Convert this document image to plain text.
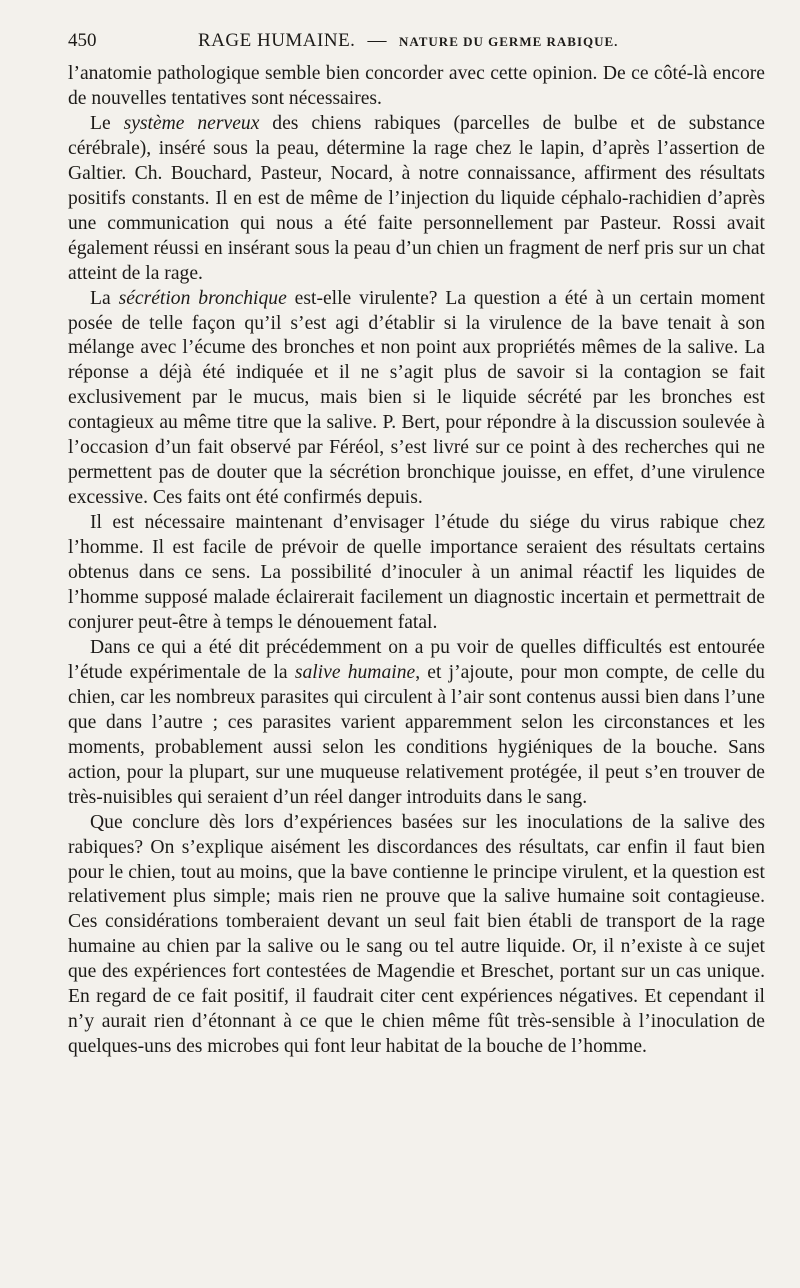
450	RAGE HUMAINE. — NATURE DU GERME RABIQUE.

l’anatomie pathologique semble bien concorder avec cette opinion. De ce côté-là encore de nouvelles tentatives sont nécessaires.

Le système nerveux des chiens rabiques (parcelles de bulbe et de substance cérébrale), inséré sous la peau, détermine la rage chez le lapin, d’après l’assertion de Galtier. Ch. Bouchard, Pasteur, Nocard, à notre connaissance, affirment des résultats positifs constants. Il en est de même de l’injection du liquide céphalo-rachidien d’après une communication qui nous a été faite personnellement par Pasteur. Rossi avait également réussi en insérant sous la peau d’un chien un fragment de nerf pris sur un chat atteint de la rage.

La sécrétion bronchique est-elle virulente? La question a été à un certain moment posée de telle façon qu’il s’est agi d’établir si la virulence de la bave tenait à son mélange avec l’écume des bronches et non point aux propriétés mêmes de la salive. La réponse a déjà été indiquée et il ne s’agit plus de savoir si la contagion se fait exclusivement par le mucus, mais bien si le liquide sécrété par les bronches est contagieux au même titre que la salive. P. Bert, pour répondre à la discussion soulevée à l’occasion d’un fait observé par Féréol, s’est livré sur ce point à des recherches qui ne permettent pas de douter que la sécrétion bronchique jouisse, en effet, d’une virulence excessive. Ces faits ont été confirmés depuis.

Il est nécessaire maintenant d’envisager l’étude du siége du virus rabique chez l’homme. Il est facile de prévoir de quelle importance seraient des résultats certains obtenus dans ce sens. La possibilité d’inoculer à un animal réactif les liquides de l’homme supposé malade éclairerait facilement un diagnostic incertain et permettrait de conjurer peut-être à temps le dénouement fatal.

Dans ce qui a été dit précédemment on a pu voir de quelles difficultés est entourée l’étude expérimentale de la salive humaine, et j’ajoute, pour mon compte, de celle du chien, car les nombreux parasites qui circulent à l’air sont contenus aussi bien dans l’une que dans l’autre ; ces parasites varient apparemment selon les circonstances et les moments, probablement aussi selon les conditions hygiéniques de la bouche. Sans action, pour la plupart, sur une muqueuse relativement protégée, il peut s’en trouver de très-nuisibles qui seraient d’un réel danger introduits dans le sang.

Que conclure dès lors d’expériences basées sur les inoculations de la salive des rabiques? On s’explique aisément les discordances des résultats, car enfin il faut bien pour le chien, tout au moins, que la bave contienne le principe virulent, et la question est relativement plus simple; mais rien ne prouve que la salive humaine soit contagieuse. Ces considérations tomberaient devant un seul fait bien établi de transport de la rage humaine au chien par la salive ou le sang ou tel autre liquide. Or, il n’existe à ce sujet que des expériences fort contestées de Magendie et Breschet, portant sur un cas unique. En regard de ce fait positif, il faudrait citer cent expériences négatives. Et cependant il n’y aurait rien d’étonnant à ce que le chien même fût très-sensible à l’inoculation de quelques-uns des microbes qui font leur habitat de la bouche de l’homme.
